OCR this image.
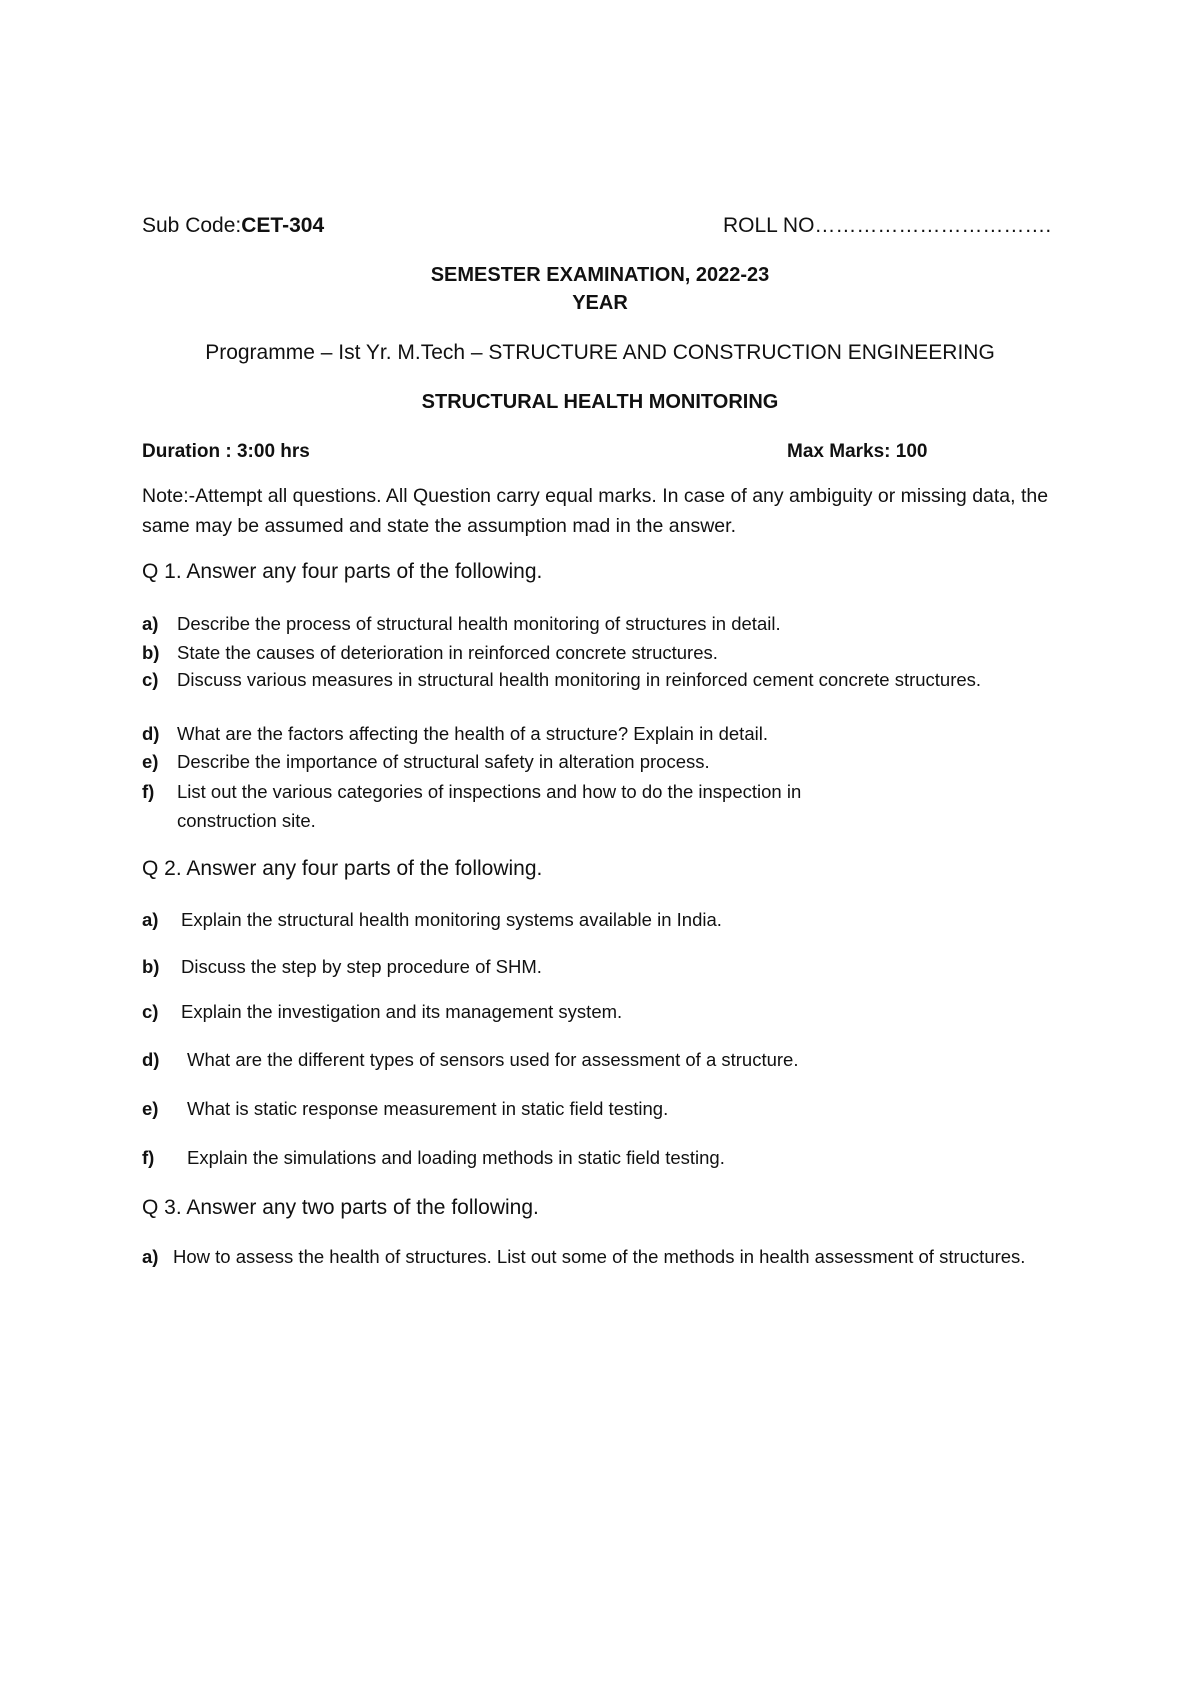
Sub Code:CET-304	ROLL NO…………………………….
SEMESTER EXAMINATION, 2022-23
YEAR
Programme – Ist Yr. M.Tech – STRUCTURE AND CONSTRUCTION ENGINEERING
STRUCTURAL HEALTH MONITORING
Duration : 3:00 hrs	Max Marks: 100
Note:-Attempt all questions. All Question carry equal marks. In case of any ambiguity or missing data, the same may be assumed and state the assumption mad in the answer.
Q 1. Answer any four parts of the following.
a)	Describe the process of structural health monitoring of structures in detail.
b) State the causes of deterioration in reinforced concrete structures.
c)	Discuss various measures in structural health monitoring in reinforced cement concrete structures.
d) What are the factors affecting the health of a structure? Explain in detail.
e)	Describe the importance of structural safety in alteration process.
f)	List out the various categories of inspections and how to do the inspection in construction site.
Q 2. Answer any four parts of the following.
a)	Explain the structural health monitoring systems available in India.
b)	Discuss the step by step procedure of SHM.
c)	Explain the investigation and its management system.
d)	What are the different types of sensors used for assessment of a structure.
e)	What is static response measurement in static field testing.
f)	Explain the simulations and loading methods in static field testing.
Q 3. Answer any two parts of the following.
a) How to assess the health of structures. List out some of the methods in health assessment of structures.
